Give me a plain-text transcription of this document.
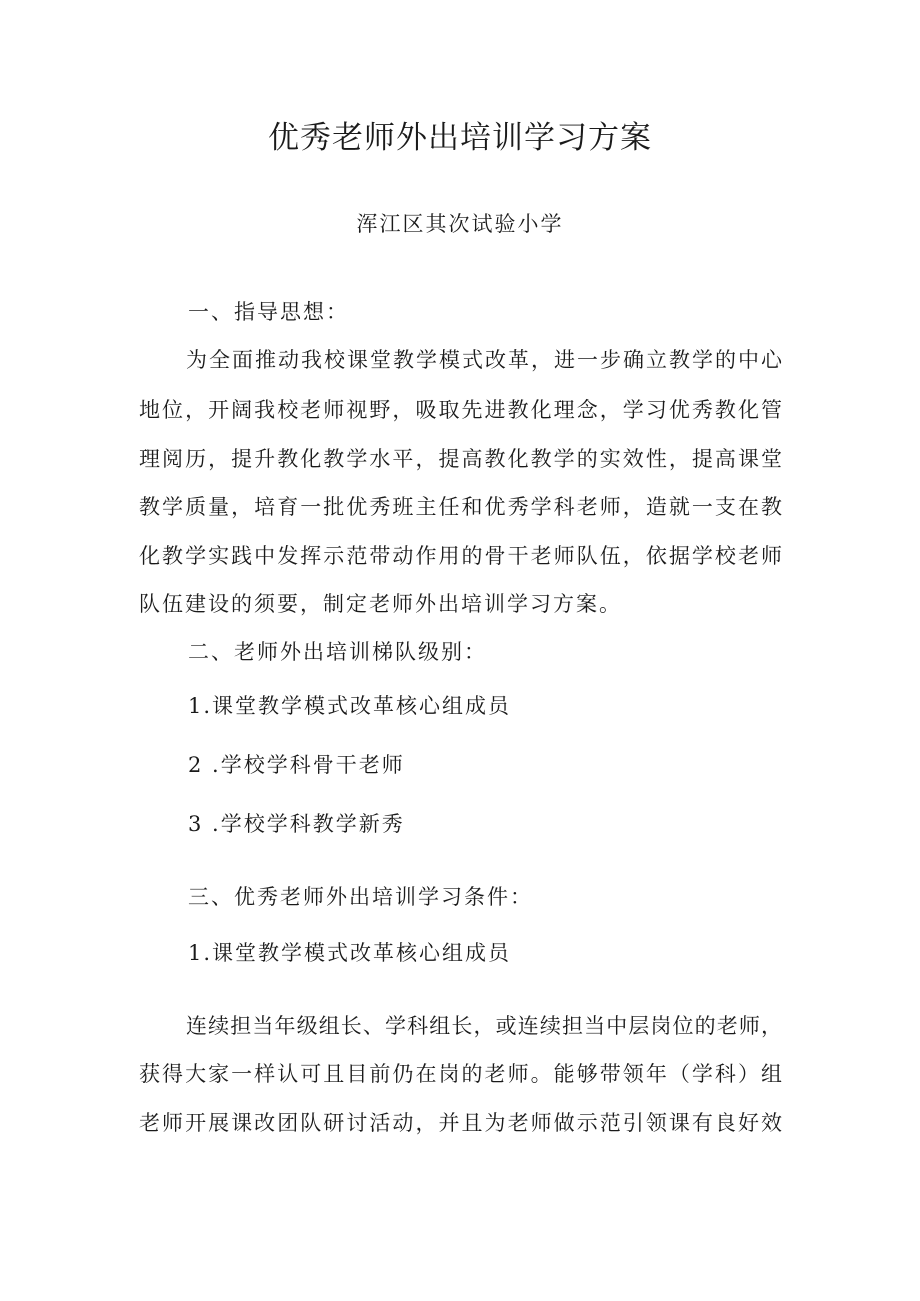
优秀老师外出培训学习方案
浑江区其次试验小学
一、指导思想：
为全面推动我校课堂教学模式改革，进一步确立教学的中心
地位，开阔我校老师视野，吸取先进教化理念，学习优秀教化管
理阅历，提升教化教学水平，提高教化教学的实效性，提高课堂
教学质量，培育一批优秀班主任和优秀学科老师，造就一支在教
化教学实践中发挥示范带动作用的骨干老师队伍，依据学校老师
队伍建设的须要，制定老师外出培训学习方案。
二、老师外出培训梯队级别：
1.课堂教学模式改革核心组成员
2 .学校学科骨干老师
3 .学校学科教学新秀
三、优秀老师外出培训学习条件：
1.课堂教学模式改革核心组成员
连续担当年级组长、学科组长，或连续担当中层岗位的老师，
获得大家一样认可且目前仍在岗的老师。能够带领年（学科）组
老师开展课改团队研讨活动，并且为老师做示范引领课有良好效
